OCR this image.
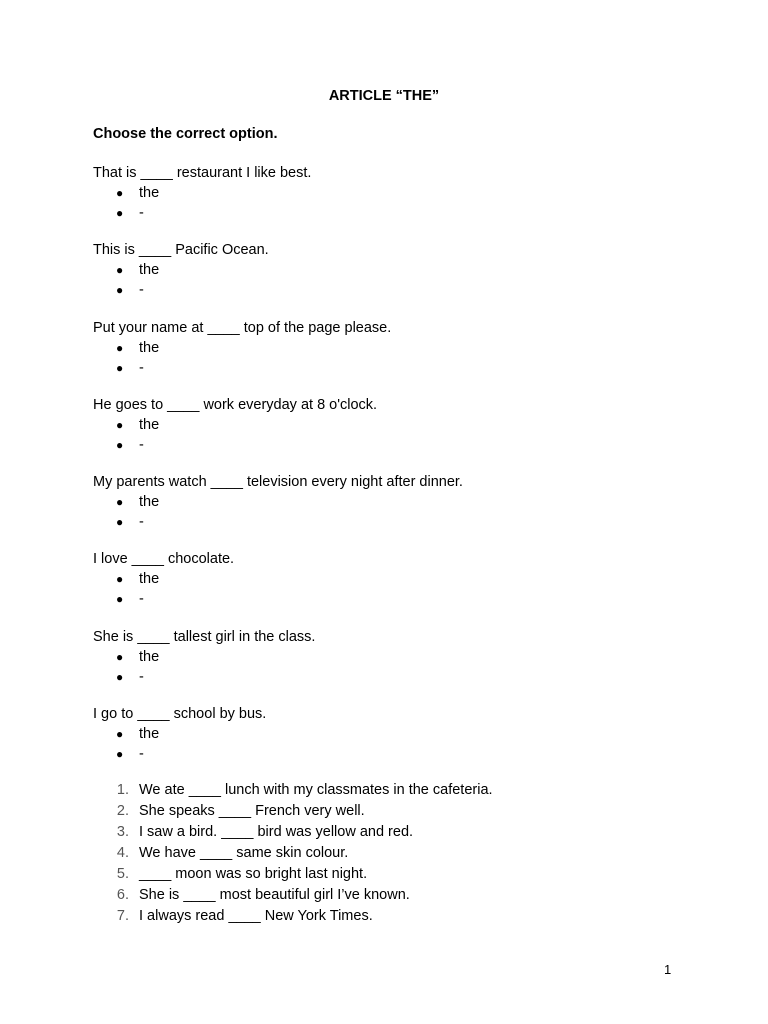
ARTICLE “THE”
Choose the correct option.
That is ____ restaurant I like best.
● the
● -
This is ____ Pacific Ocean.
● the
● -
Put your name at ____ top of the page please.
● the
● -
He goes to ____ work everyday at 8 o'clock.
● the
● -
My parents watch ____ television every night after dinner.
● the
● -
I love ____ chocolate.
● the
● -
She is ____ tallest girl in the class.
● the
● -
I go to ____ school by bus.
● the
● -
1. We ate ____ lunch with my classmates in the cafeteria.
2. She speaks ____ French very well.
3. I saw a bird. ____ bird was yellow and red.
4. We have ____ same skin colour.
5. ____ moon was so bright last night.
6. She is ____ most beautiful girl I’ve known.
7. I always read ____ New York Times.
1
